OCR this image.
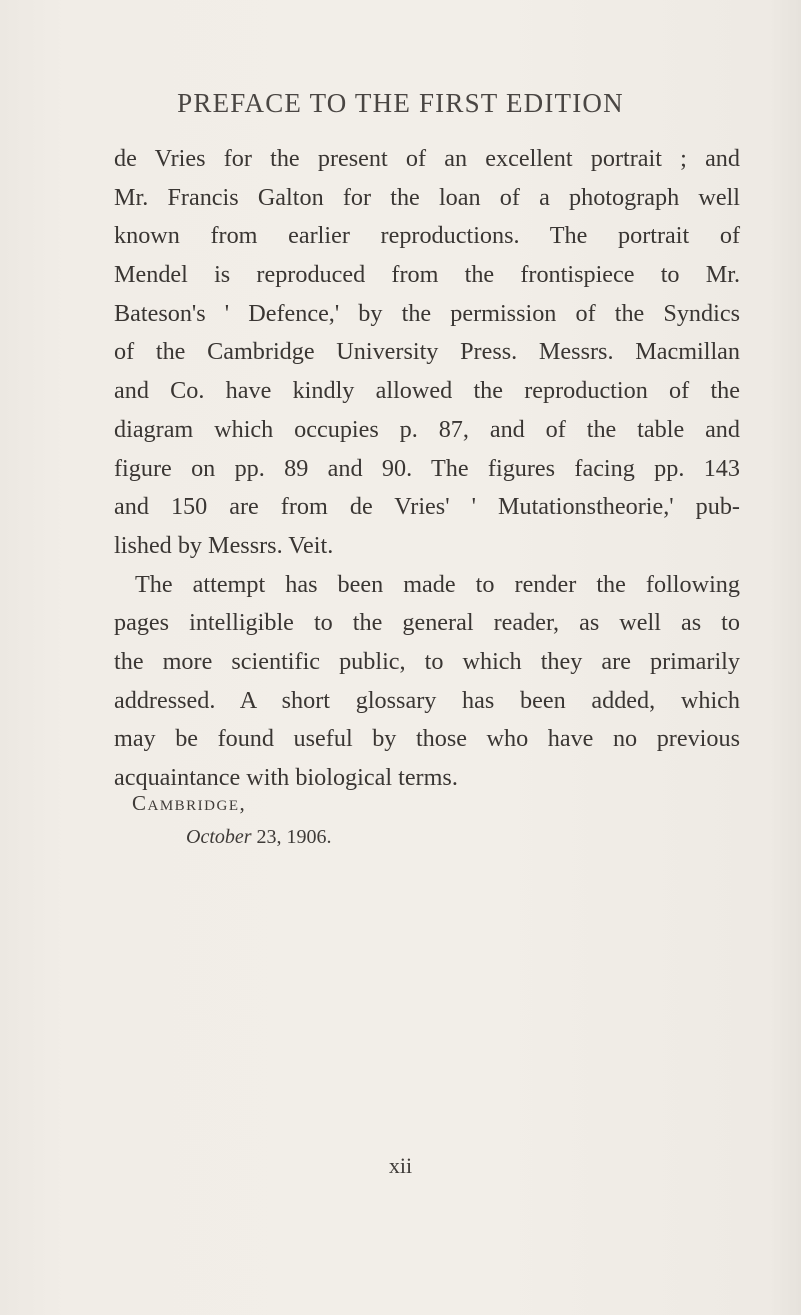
PREFACE TO THE FIRST EDITION
de Vries for the present of an excellent portrait ; and
Mr. Francis Galton for the loan of a photograph well
known from earlier reproductions. The portrait of
Mendel is reproduced from the frontispiece to Mr.
Bateson's ' Defence,' by the permission of the Syndics
of the Cambridge University Press. Messrs. Macmillan
and Co. have kindly allowed the reproduction of the
diagram which occupies p. 87, and of the table and
figure on pp. 89 and 90. The figures facing pp. 143
and 150 are from de Vries' ' Mutationstheorie,' pub-
lished by Messrs. Veit.
The attempt has been made to render the following
pages intelligible to the general reader, as well as to
the more scientific public, to which they are primarily
addressed. A short glossary has been added, which
may be found useful by those who have no previous
acquaintance with biological terms.
Cambridge,
October 23, 1906.
xii
